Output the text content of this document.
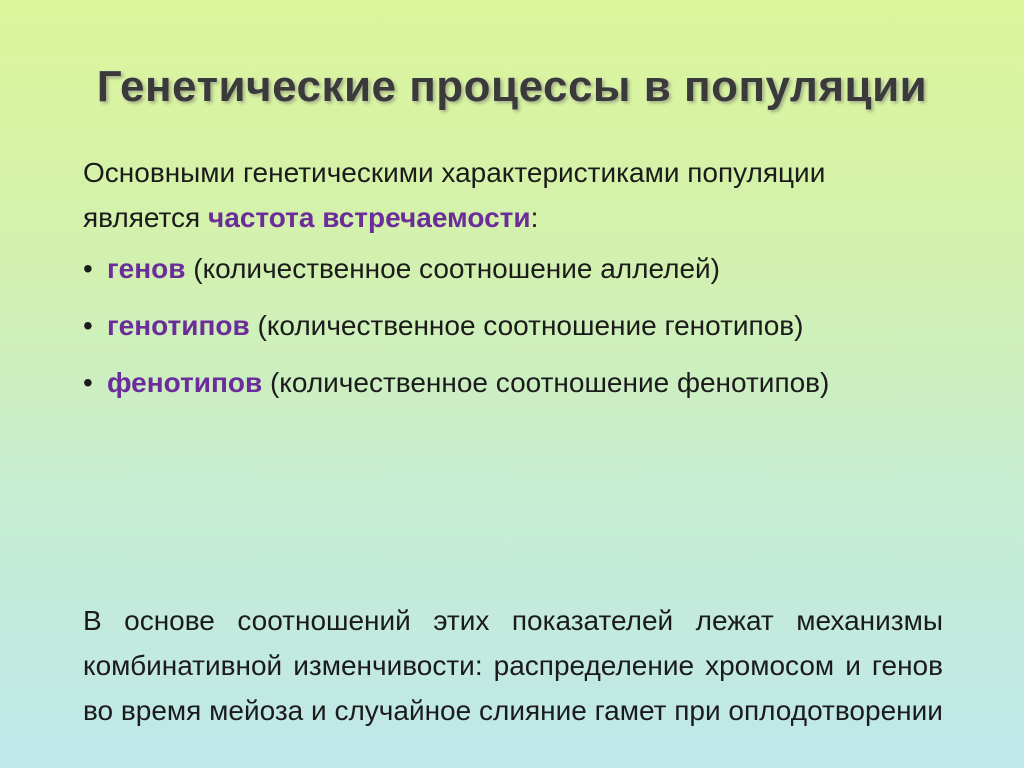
Генетические процессы в популяции

Основными генетическими характеристиками популяции является частота встречаемости:

• генов (количественное соотношение аллелей)
• генотипов (количественное соотношение генотипов)
• фенотипов (количественное соотношение фенотипов)

В основе соотношений этих показателей лежат механизмы комбинативной изменчивости: распределение хромосом и генов во время мейоза и случайное слияние гамет при оплодотворении
